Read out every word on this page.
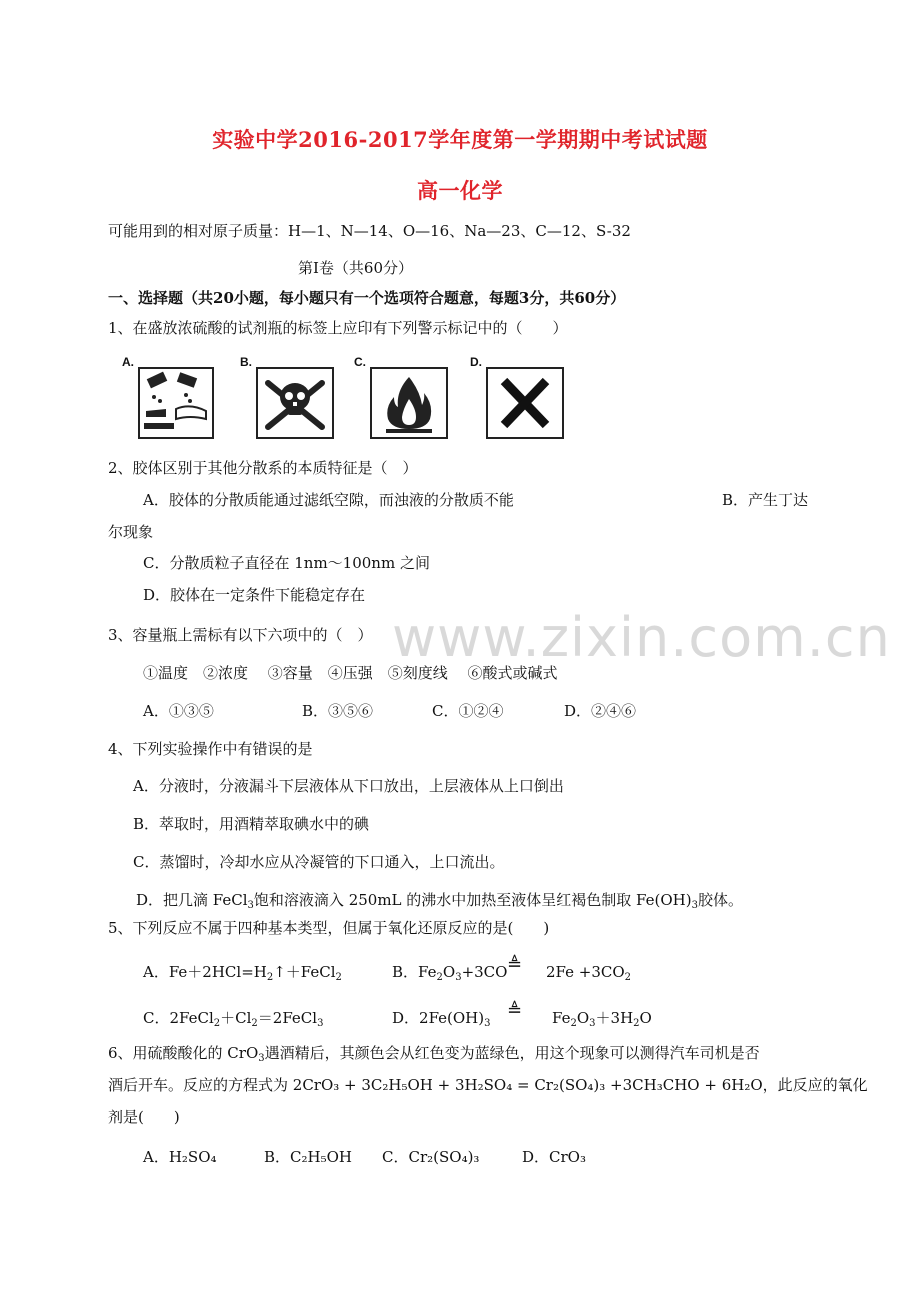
实验中学2016-2017学年度第一学期期中考试试题
高一化学
可能用到的相对原子质量：H—1、N—14、O—16、Na—23、C—12、S-32
第Ⅰ卷（共60分）
一、选择题（共20小题，每小题只有一个选项符合题意，每题3分，共60分）
1、在盛放浓硫酸的试剂瓶的标签上应印有下列警示标记中的（　　）
A.	B.	C.	D.
2、胶体区别于其他分散系的本质特征是（　）
A．胶体的分散质能通过滤纸空隙，而浊液的分散质不能	B．产生丁达
尔现象
C．分散质粒子直径在 1nm～100nm 之间
D．胶体在一定条件下能稳定存在
www.zixin.com.cn
3、容量瓶上需标有以下六项中的（　）
①温度　②浓度　 ③容量　④压强　⑤刻度线　 ⑥酸式或碱式
A．①③⑤	B．③⑤⑥	C．①②④	D．②④⑥
4、下列实验操作中有错误的是
A．分液时，分液漏斗下层液体从下口放出，上层液体从上口倒出
B．萃取时，用酒精萃取碘水中的碘
C．蒸馏时，冷却水应从冷凝管的下口通入，上口流出。
D．把几滴 FeCl$_3$饱和溶液滴入 250mL 的沸水中加热至液体呈红褐色制取 $Fe(OH)_3$胶体。
5、下列反应不属于四种基本类型，但属于氧化还原反应的是(　　)
A．$Fe+2HCl=H_2↑+FeCl_2$	B．$Fe_2O_3+3CO$ ≜ $2Fe +3CO_2$
C．$2FeCl_2+Cl_2=2FeCl_3$	D．$2Fe(OH)_3$
≜ $Fe_2O_3+3H_2O$
6、用硫酸酸化的 CrO$_3$遇酒精后，其颜色会从红色变为蓝绿色，用这个现象可以测得汽车司机是否
酒后开车。反应的方程式为 2CrO₃ + 3C₂H₅OH + 3H₂SO₄ = Cr₂(SO₄)₃ +3CH₃CHO + 6H₂O，此反应的氧化
剂是(　　)
A．H₂SO₄	B．C₂H₅OH C．Cr₂(SO₄)₃	D．CrO₃
